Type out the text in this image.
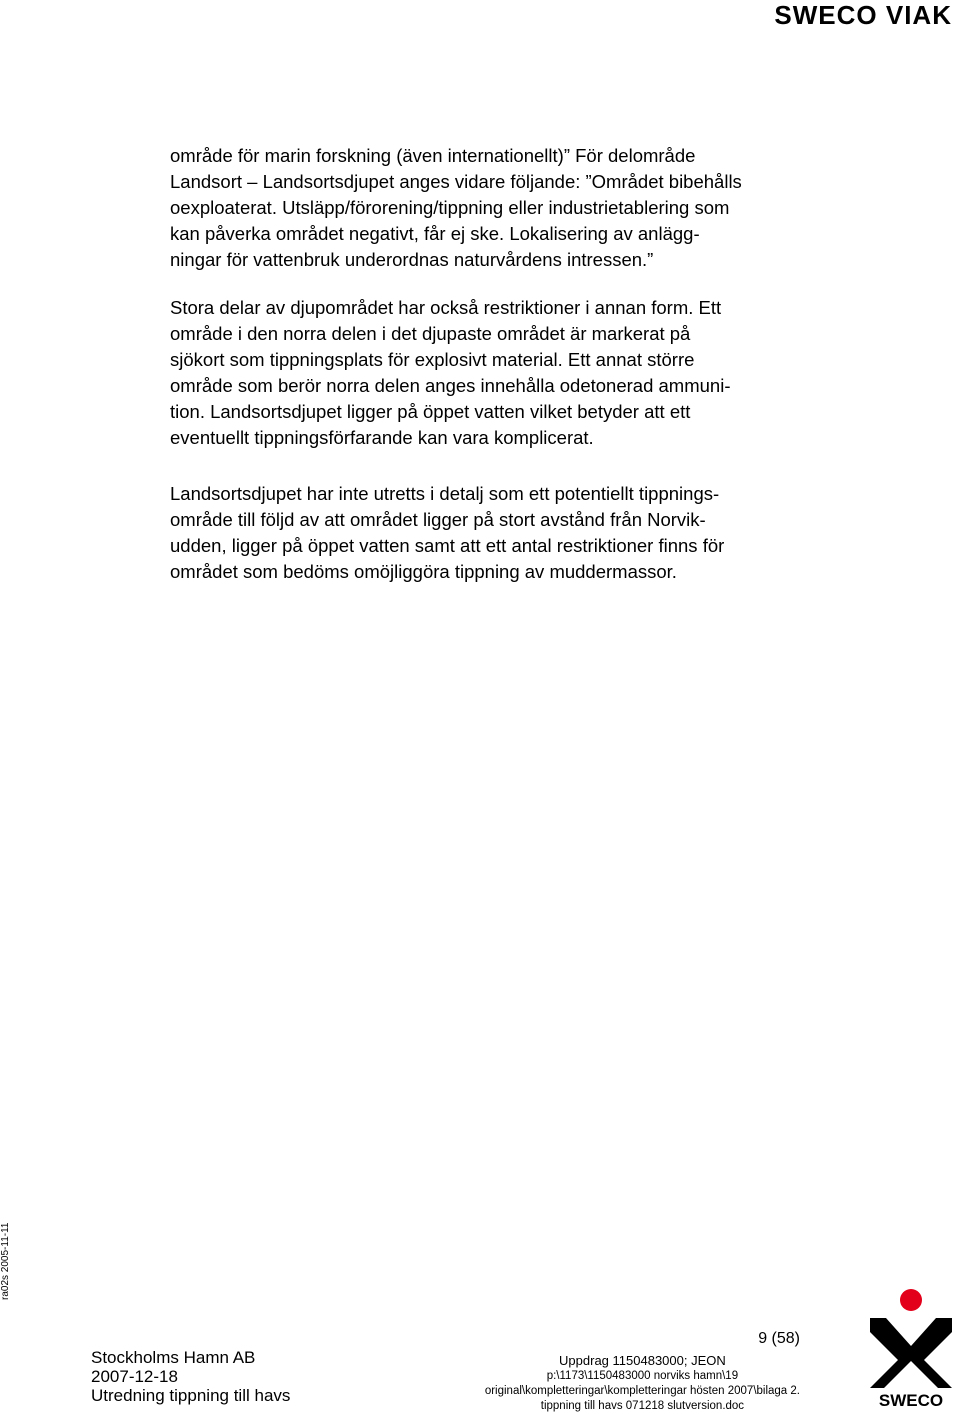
SWECO VIAK
område för marin forskning (även internationellt)” För delområde
Landsort – Landsortsdjupet anges vidare följande: ”Området bibehålls
oexploaterat. Utsläpp/förorening/tippning eller industrietablering som
kan påverka området negativt, får ej ske. Lokalisering av anlägg-
ningar för vattenbruk underordnas naturvårdens intressen.”
Stora delar av djupområdet har också restriktioner i annan form. Ett
område i den norra delen i det djupaste området är markerat på
sjökort som tippningsplats för explosivt material. Ett annat större
område som berör norra delen anges innehålla odetonerad ammuni-
tion. Landsortsdjupet ligger på öppet vatten vilket betyder att ett
eventuellt tippningsförfarande kan vara komplicerat.
Landsortsdjupet har inte utretts i detalj som ett potentiellt tippnings-
område till följd av att området ligger på stort avstånd från Norvik-
udden, ligger på öppet vatten samt att ett antal restriktioner finns för
området som bedöms omöjliggöra tippning av muddermassor.
ra02s 2005-11-11
9 (58)
Stockholms Hamn AB
2007-12-18
Utredning tippning till havs
Uppdrag 1150483000; JEON
p:\1173\1150483000 norviks hamn\19
original\kompletteringar\kompletteringar hösten 2007\bilaga 2.
tippning till havs 071218 slutversion.doc	SWECO
